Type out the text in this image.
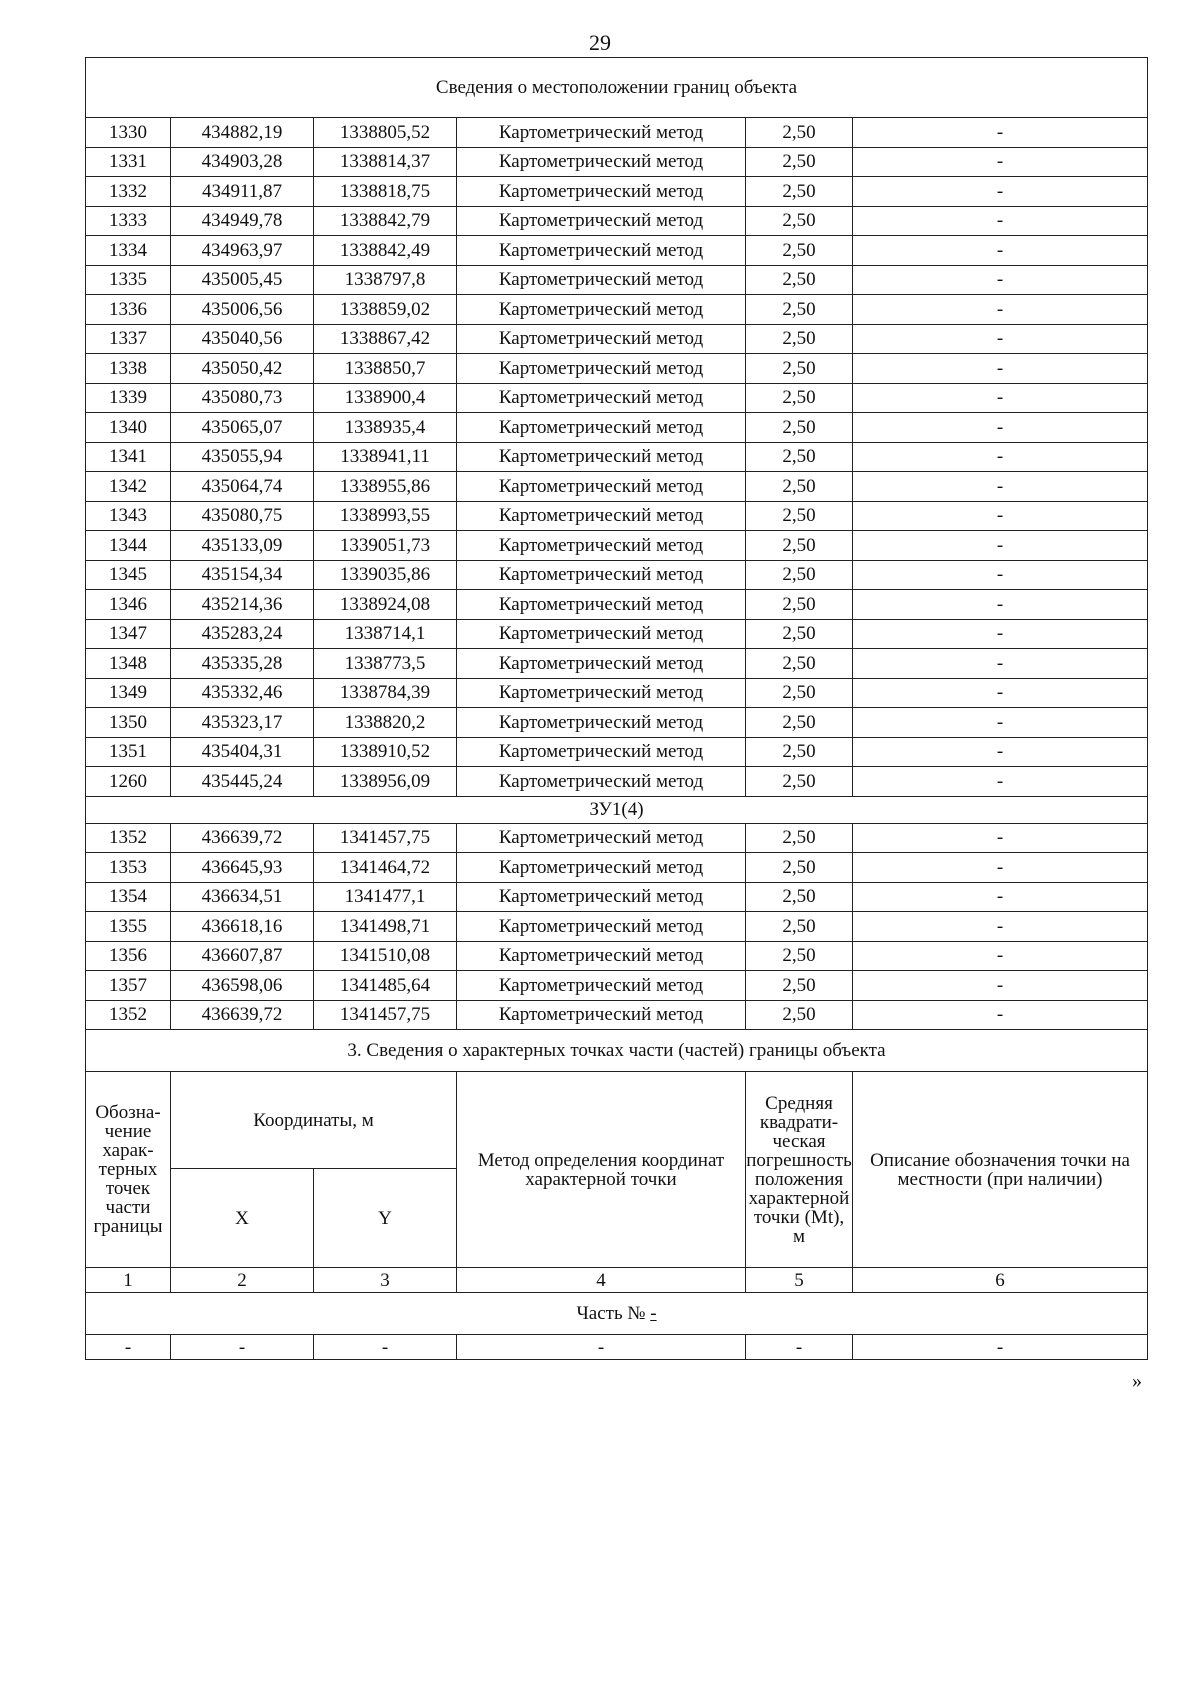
29
Сведения о местоположении границ объекта					
1330	434882,19	1338805,52	Картометрический метод	2,50	-
1331	434903,28	1338814,37	Картометрический метод	2,50	-
1332	434911,87	1338818,75	Картометрический метод	2,50	-
1333	434949,78	1338842,79	Картометрический метод	2,50	-
1334	434963,97	1338842,49	Картометрический метод	2,50	-
1335	435005,45	1338797,8	Картометрический метод	2,50	-
1336	435006,56	1338859,02	Картометрический метод	2,50	-
1337	435040,56	1338867,42	Картометрический метод	2,50	-
1338	435050,42	1338850,7	Картометрический метод	2,50	-
1339	435080,73	1338900,4	Картометрический метод	2,50	-
1340	435065,07	1338935,4	Картометрический метод	2,50	-
1341	435055,94	1338941,11	Картометрический метод	2,50	-
1342	435064,74	1338955,86	Картометрический метод	2,50	-
1343	435080,75	1338993,55	Картометрический метод	2,50	-
1344	435133,09	1339051,73	Картометрический метод	2,50	-
1345	435154,34	1339035,86	Картометрический метод	2,50	-
1346	435214,36	1338924,08	Картометрический метод	2,50	-
1347	435283,24	1338714,1	Картометрический метод	2,50	-
1348	435335,28	1338773,5	Картометрический метод	2,50	-
1349	435332,46	1338784,39	Картометрический метод	2,50	-
1350	435323,17	1338820,2	Картометрический метод	2,50	-
1351	435404,31	1338910,52	Картометрический метод	2,50	-
1260	435445,24	1338956,09	Картометрический метод	2,50	-
ЗУ1(4)					
1352	436639,72	1341457,75	Картометрический метод	2,50	-
1353	436645,93	1341464,72	Картометрический метод	2,50	-
1354	436634,51	1341477,1	Картометрический метод	2,50	-
1355	436618,16	1341498,71	Картометрический метод	2,50	-
1356	436607,87	1341510,08	Картометрический метод	2,50	-
1357	436598,06	1341485,64	Картометрический метод	2,50	-
1352	436639,72	1341457,75	Картометрический метод	2,50	-
3. Сведения о характерных точках части (частей) границы объекта					
Обозна-чение харак-терных точек части границы	Координаты, м		Метод определения координат характерной точки	Средняя квадрати-ческая погрешность положения характерной точки (Mt), м	Описание обозначения точки на местности (при наличии)
	X	Y			
1	2	3	4	5	6
Часть № -					
-	-	-	-	-	-
»
